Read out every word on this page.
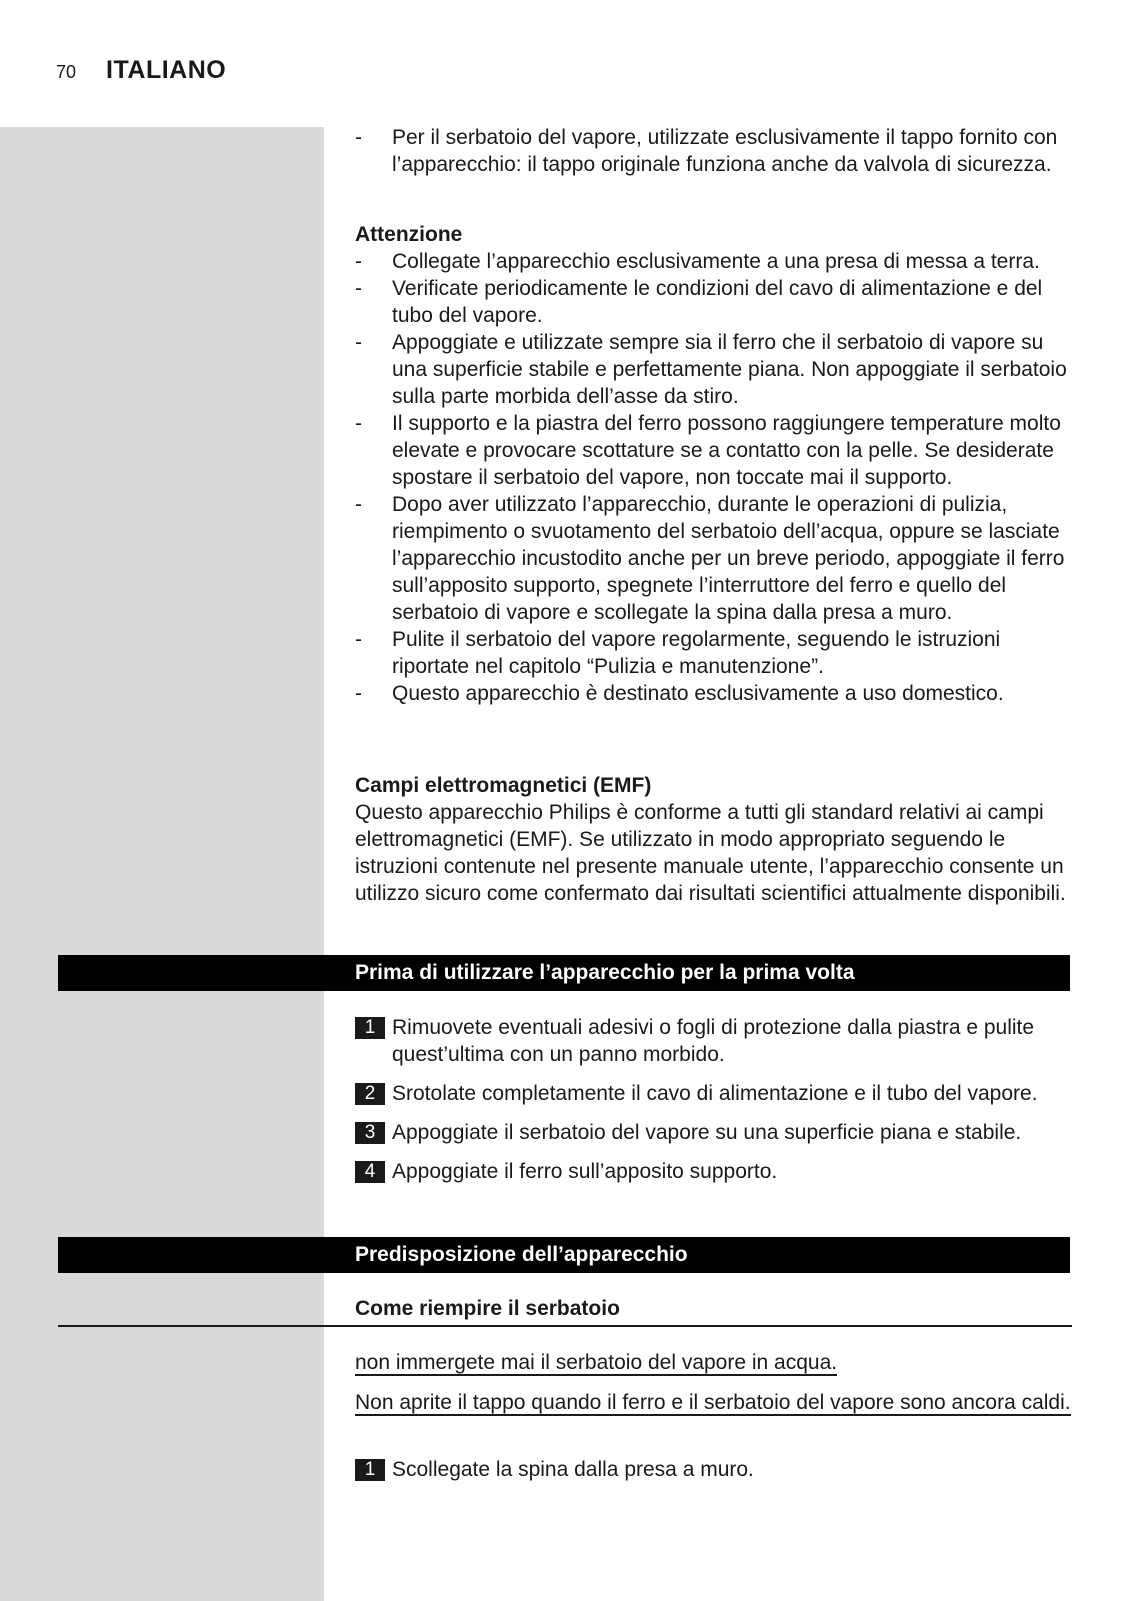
70 ITALIANO
- Per il serbatoio del vapore, utilizzate esclusivamente il tappo fornito con l’apparecchio: il tappo originale funziona anche da valvola di sicurezza.
Attenzione
- Collegate l’apparecchio esclusivamente a una presa di messa a terra.
- Verificate periodicamente le condizioni del cavo di alimentazione e del tubo del vapore.
- Appoggiate e utilizzate sempre sia il ferro che il serbatoio di vapore su una superficie stabile e perfettamente piana. Non appoggiate il serbatoio sulla parte morbida dell’asse da stiro.
- Il supporto e la piastra del ferro possono raggiungere temperature molto elevate e provocare scottature se a contatto con la pelle. Se desiderate spostare il serbatoio del vapore, non toccate mai il supporto.
- Dopo aver utilizzato l’apparecchio, durante le operazioni di pulizia, riempimento o svuotamento del serbatoio dell’acqua, oppure se lasciate l’apparecchio incustodito anche per un breve periodo, appoggiate il ferro sull’apposito supporto, spegnete l’interruttore del ferro e quello del serbatoio di vapore e scollegate la spina dalla presa a muro.
- Pulite il serbatoio del vapore regolarmente, seguendo le istruzioni riportate nel capitolo “Pulizia e manutenzione”.
- Questo apparecchio è destinato esclusivamente a uso domestico.
Campi elettromagnetici (EMF)
Questo apparecchio Philips è conforme a tutti gli standard relativi ai campi elettromagnetici (EMF). Se utilizzato in modo appropriato seguendo le istruzioni contenute nel presente manuale utente, l’apparecchio consente un utilizzo sicuro come confermato dai risultati scientifici attualmente disponibili.
Prima di utilizzare l’apparecchio per la prima volta
1 Rimuovete eventuali adesivi o fogli di protezione dalla piastra e pulite quest’ultima con un panno morbido.
2 Srotolate completamente il cavo di alimentazione e il tubo del vapore.
3 Appoggiate il serbatoio del vapore su una superficie piana e stabile.
4 Appoggiate il ferro sull’apposito supporto.
Predisposizione dell’apparecchio
Come riempire il serbatoio
non immergete mai il serbatoio del vapore in acqua.
Non aprite il tappo quando il ferro e il serbatoio del vapore sono ancora caldi.
1 Scollegate la spina dalla presa a muro.
